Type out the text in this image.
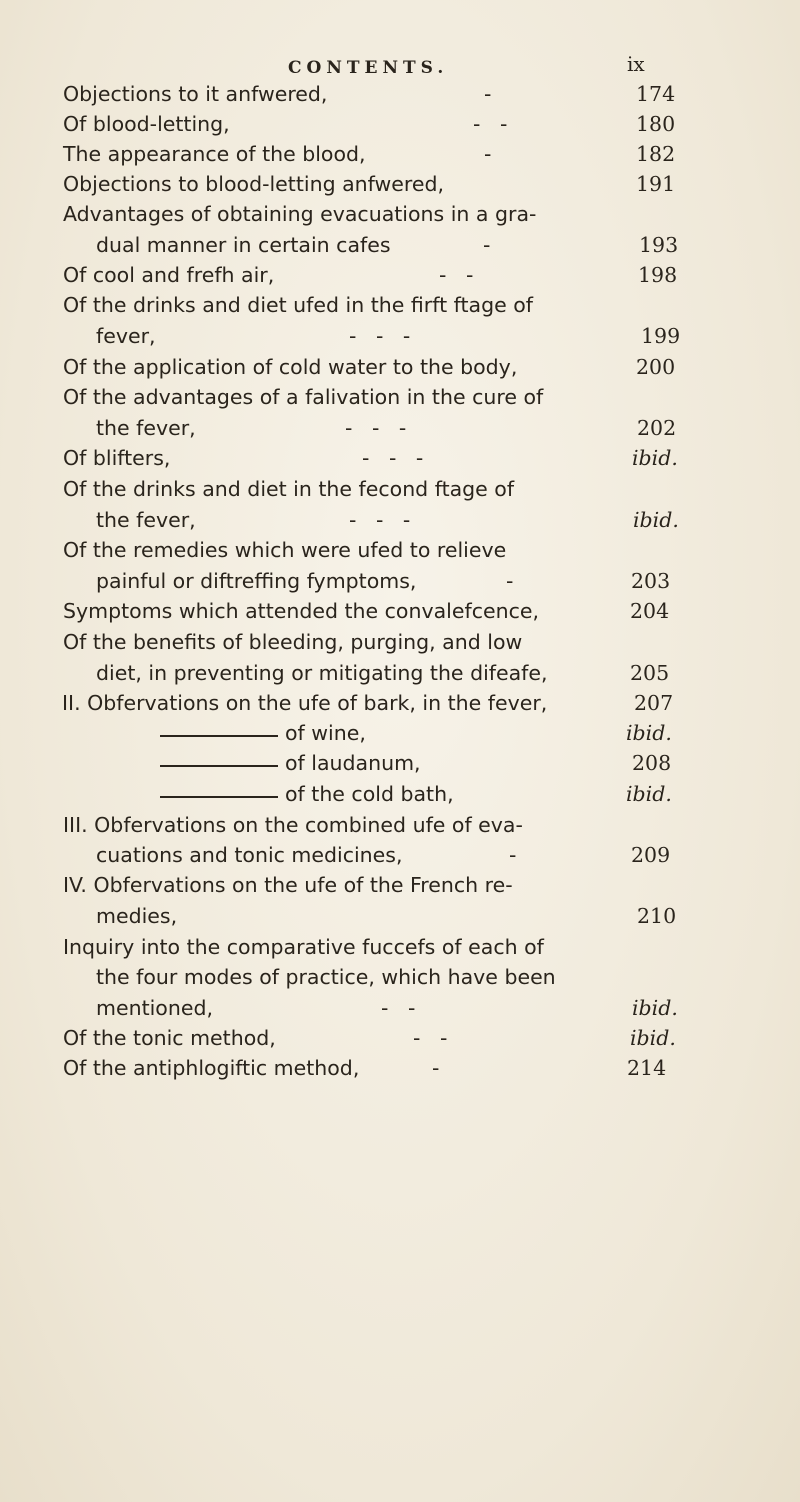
CONTENTS.	ix
Objections to it anfwered,	-	174
Of blood-letting,	-   -	180
The appearance of the blood,	-	182
Objections to blood-letting anfwered,	191
Advantages of obtaining evacuations in a gra-
dual manner in certain cafes	-	193
Of cool and frefh air,	-   -	198
Of the drinks and diet ufed in the firft ftage of
fever,	-   -   -	199
Of the application of cold water to the body,	200
Of the advantages of a falivation in the cure of
the fever,	-   -   -	202
Of blifters,	-   -   -	ibid.
Of the drinks and diet in the fecond ftage of
the fever,	-   -   -	ibid.
Of the remedies which were ufed to relieve
painful or diftreffing fymptoms,	-	203
Symptoms which attended the convalefcence,	204
Of the benefits of bleeding, purging, and low
diet, in preventing or mitigating the difeafe,	205
II. Obfervations on the ufe of bark, in the fever,	207
of wine,	ibid.
of laudanum,	208
of the cold bath,	ibid.
III. Obfervations on the combined ufe of eva-
cuations and tonic medicines,	-	209
IV. Obfervations on the ufe of the French re-
medies,	210
Inquiry into the comparative fuccefs of each of
the four modes of practice, which have been
mentioned,	-   -	ibid.
Of the tonic method,	-   -	ibid.
Of the antiphlogiftic method,	-	214
